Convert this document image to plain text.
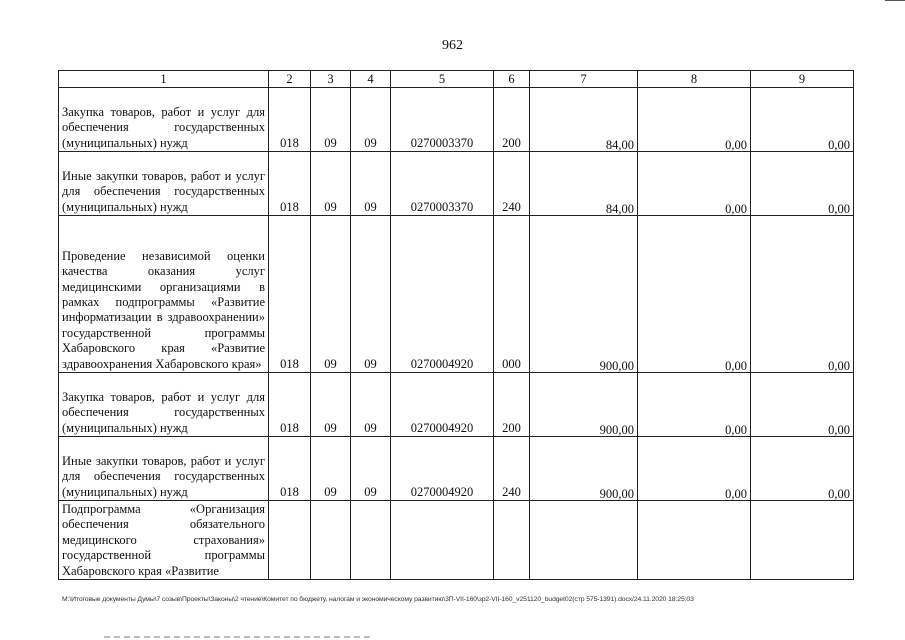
962
1	2	3	4	5	6	7	8	9
Закупка товаров, работ и услуг для обеспечения государственных (муниципальных) нужд	018	09	09	0270003370	200	84,00	0,00	0,00
Иные закупки товаров, работ и услуг для обеспечения государственных (муниципальных) нужд	018	09	09	0270003370	240	84,00	0,00	0,00
Проведение независимой оценки качества оказания услуг медицинскими организациями в рамках подпрограммы «Развитие информатизации в здравоохранении» государственной программы Хабаровского края «Развитие здравоохранения Хабаровского края»	018	09	09	0270004920	000	900,00	0,00	0,00
Закупка товаров, работ и услуг для обеспечения государственных (муниципальных) нужд	018	09	09	0270004920	200	900,00	0,00	0,00
Иные закупки товаров, работ и услуг для обеспечения государственных (муниципальных) нужд	018	09	09	0270004920	240	900,00	0,00	0,00
Подпрограмма «Организация обеспечения обязательного медицинского страхования» государственной программы Хабаровского края «Развитие								
M:\Итоговые документы Думы\7 созыв\Проекты\Законы\2 чтение\Комитет по бюджету, налогам и экономическому развитию\3П-VII-160\зр2-VII-160_v251120_budget02(стр 575-1391).docx/24.11.2020 18:25:03
